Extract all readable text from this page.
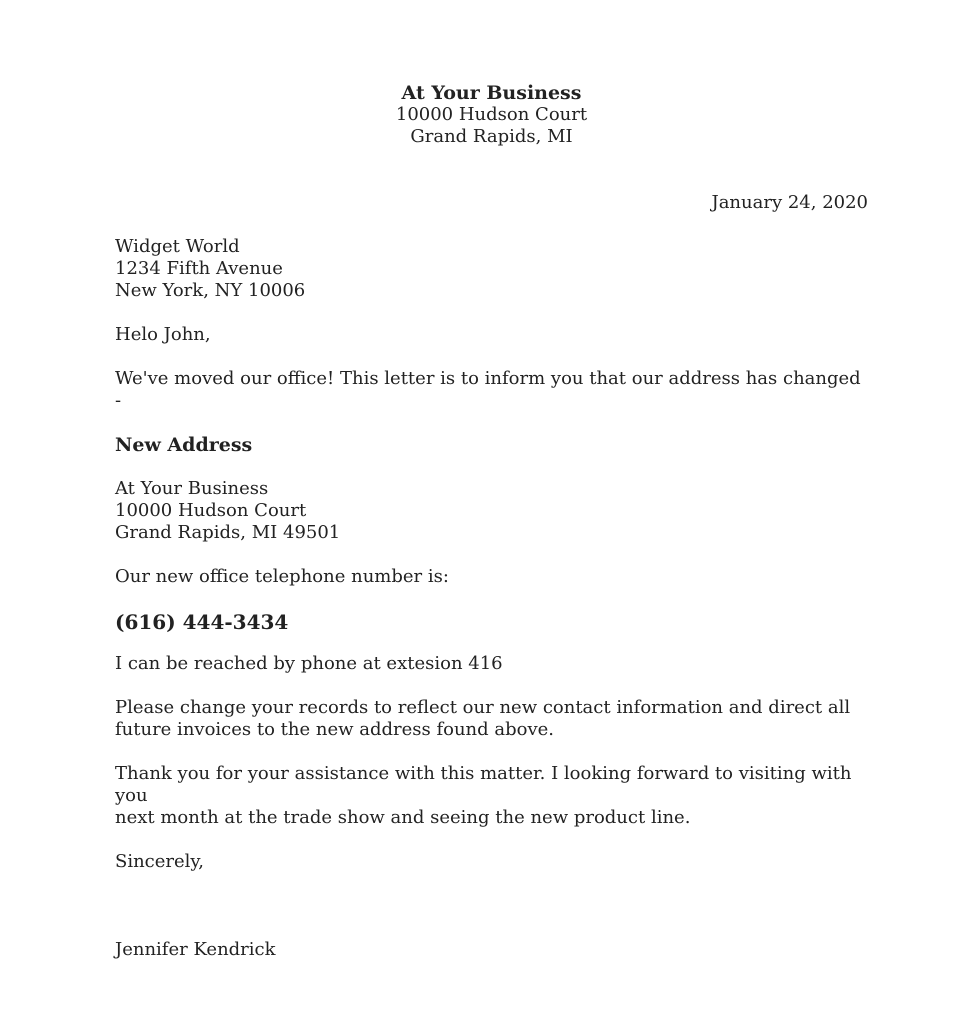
At Your Business
10000 Hudson Court
Grand Rapids, MI
January 24, 2020
Widget World
1234 Fifth Avenue
New York, NY 10006

Helo John,

We've moved our office! This letter is to inform you that our address has changed -

New Address

At Your Business
10000 Hudson Court
Grand Rapids, MI 49501

Our new office telephone number is:

(616) 444-3434

I can be reached by phone at extesion 416

Please change your records to reflect our new contact information and direct all
future invoices to the new address found above.
Thank you for your assistance with this matter. I looking forward to visiting with you
next month at the trade show and seeing the new product line.

Sincerely,

Jennifer Kendrick
